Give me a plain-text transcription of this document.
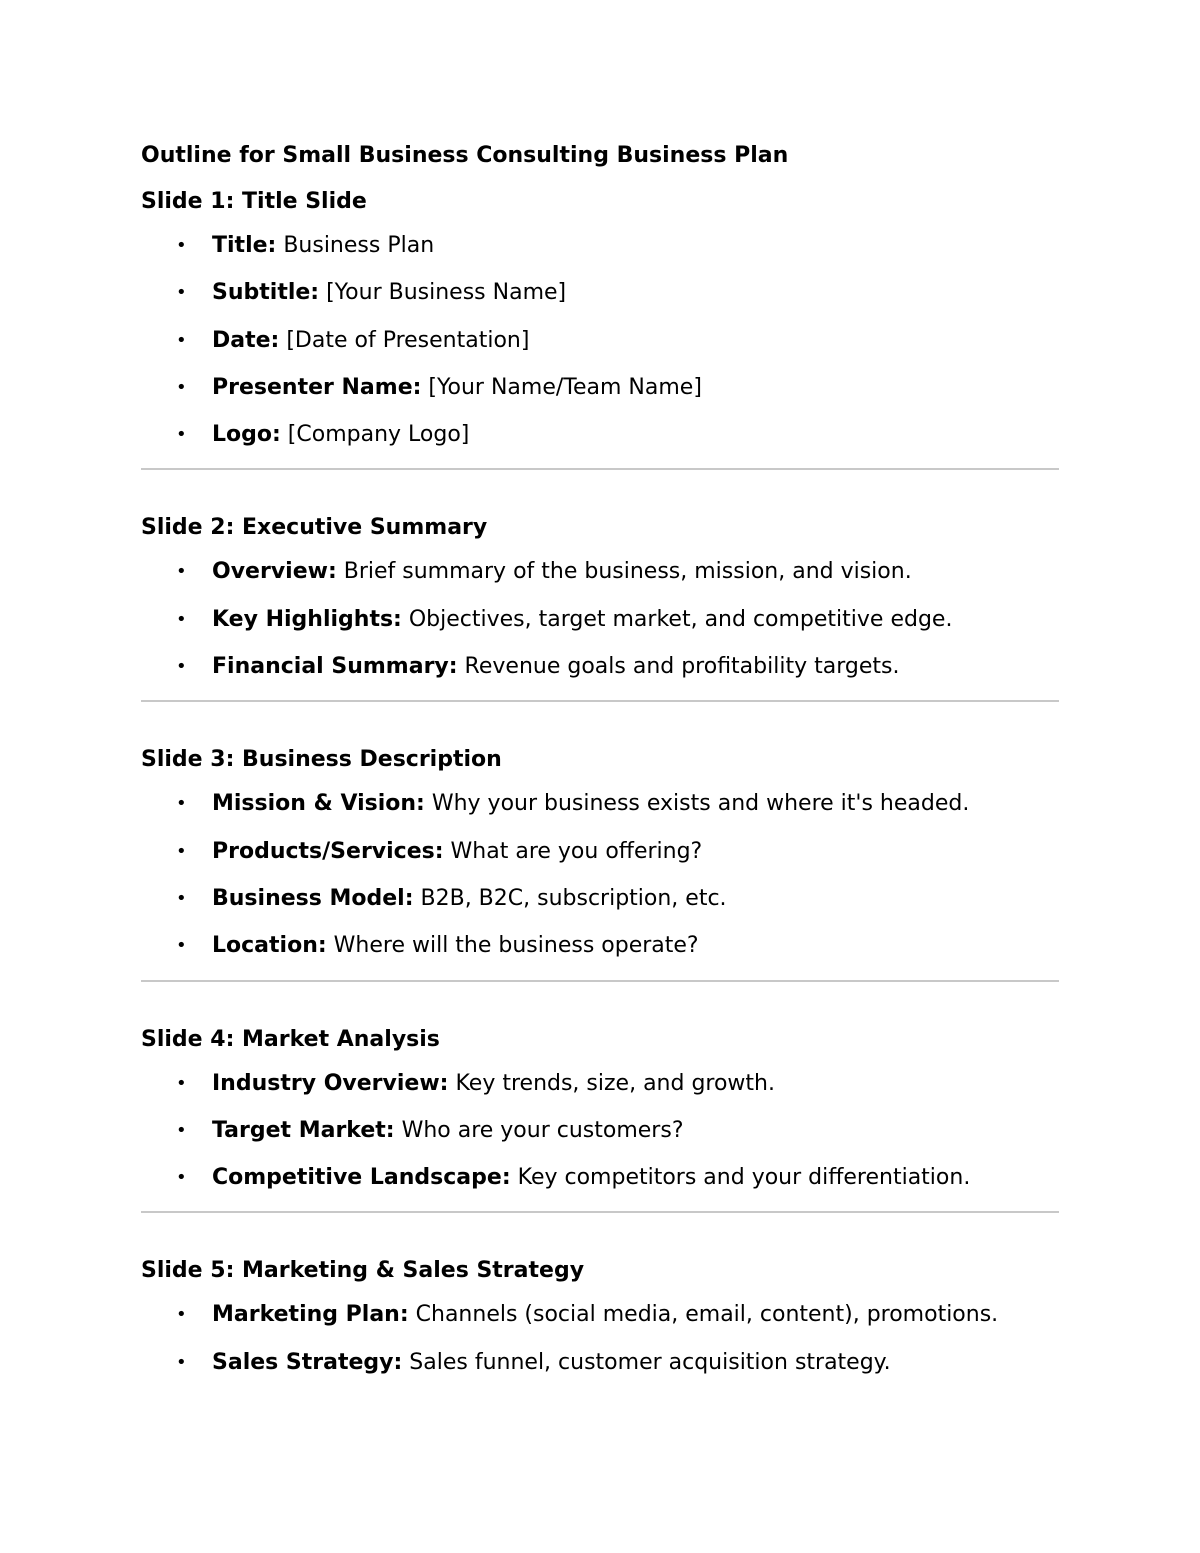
Outline for Small Business Consulting Business Plan
Slide 1: Title Slide
• Title: Business Plan
• Subtitle: [Your Business Name]
• Date: [Date of Presentation]
• Presenter Name: [Your Name/Team Name]
• Logo: [Company Logo]
Slide 2: Executive Summary
• Overview: Brief summary of the business, mission, and vision.
• Key Highlights: Objectives, target market, and competitive edge.
• Financial Summary: Revenue goals and profitability targets.
Slide 3: Business Description
• Mission & Vision: Why your business exists and where it's headed.
• Products/Services: What are you offering?
• Business Model: B2B, B2C, subscription, etc.
• Location: Where will the business operate?
Slide 4: Market Analysis
• Industry Overview: Key trends, size, and growth.
• Target Market: Who are your customers?
• Competitive Landscape: Key competitors and your differentiation.
Slide 5: Marketing & Sales Strategy
• Marketing Plan: Channels (social media, email, content), promotions.
• Sales Strategy: Sales funnel, customer acquisition strategy.
